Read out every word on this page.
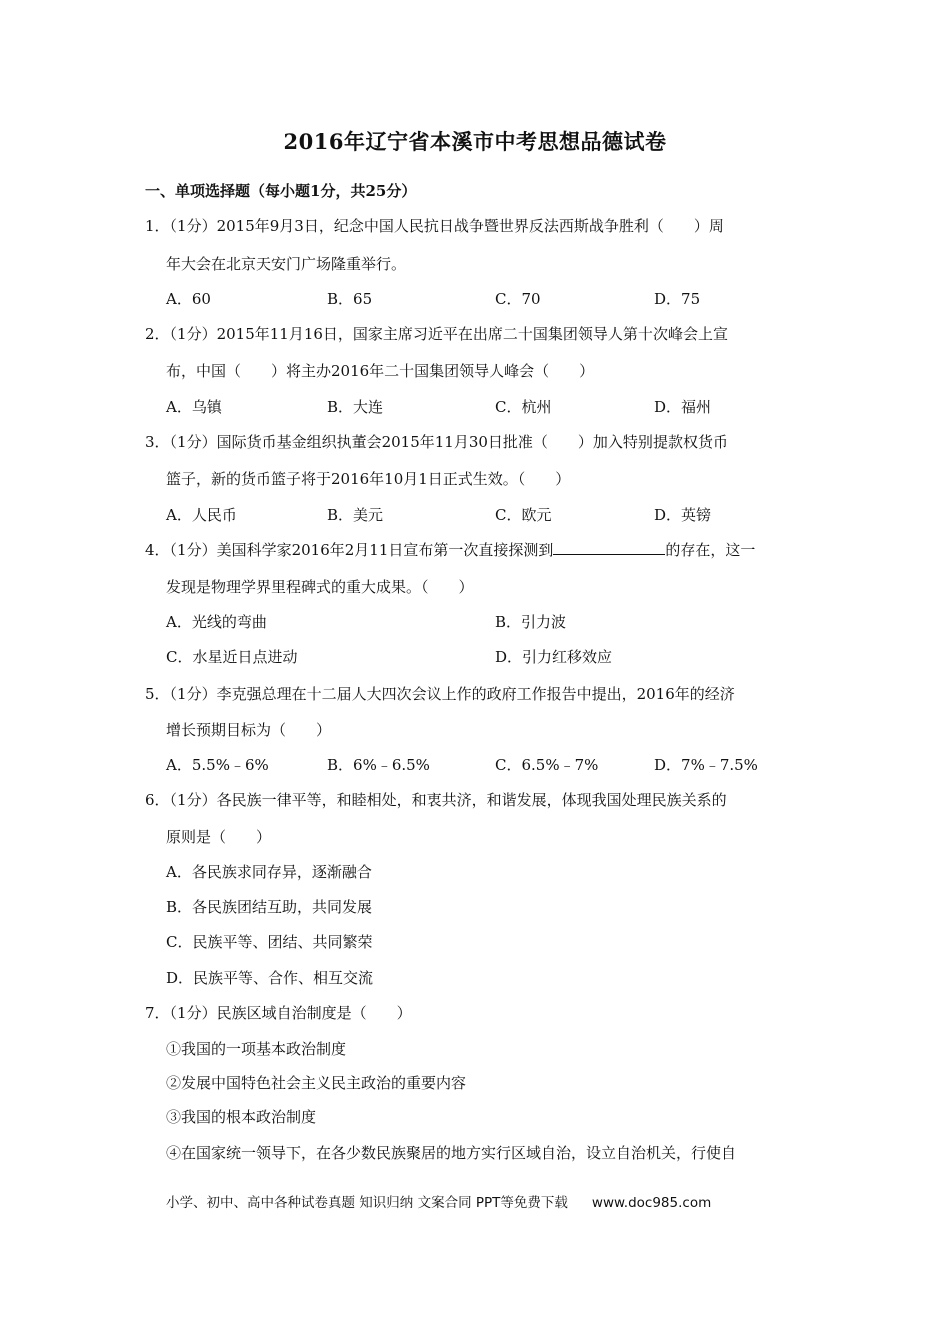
2016年辽宁省本溪市中考思想品德试卷
一、单项选择题（每小题1分，共25分）
1．（1分）2015年9月3日，纪念中国人民抗日战争暨世界反法西斯战争胜利（　　）周
年大会在北京天安门广场隆重举行。
A．60	B．65	C．70	D．75
2．（1分）2015年11月16日，国家主席习近平在出席二十国集团领导人第十次峰会上宣
布，中国（　　）将主办2016年二十国集团领导人峰会（　　）
A．乌镇	B．大连	C．杭州	D．福州
3．（1分）国际货币基金组织执董会2015年11月30日批准（　　）加入特别提款权货币
篮子，新的货币篮子将于2016年10月1日正式生效。（　　）
A．人民币	B．美元	C．欧元	D．英镑
4．（1分）美国科学家2016年2月11日宣布第一次直接探测到	的存在，这一
发现是物理学界里程碑式的重大成果。（　　）
A．光线的弯曲	B．引力波
C．水星近日点进动	D．引力红移效应
5．（1分）李克强总理在十二届人大四次会议上作的政府工作报告中提出，2016年的经济
增长预期目标为（　　）
A．5.5%﹣6%	B．6%﹣6.5%	C．6.5%﹣7%	D．7%﹣7.5%
6．（1分）各民族一律平等，和睦相处，和衷共济，和谐发展，体现我国处理民族关系的
原则是（　　）
A．各民族求同存异，逐渐融合
B．各民族团结互助，共同发展
C．民族平等、团结、共同繁荣
D．民族平等、合作、相互交流
7．（1分）民族区域自治制度是（　　）
①我国的一项基本政治制度
②发展中国特色社会主义民主政治的重要内容
③我国的根本政治制度
④在国家统一领导下，在各少数民族聚居的地方实行区域自治，设立自治机关，行使自
小学、初中、高中各种试卷真题 知识归纳 文案合同 PPT等免费下载 www.doc985.com
